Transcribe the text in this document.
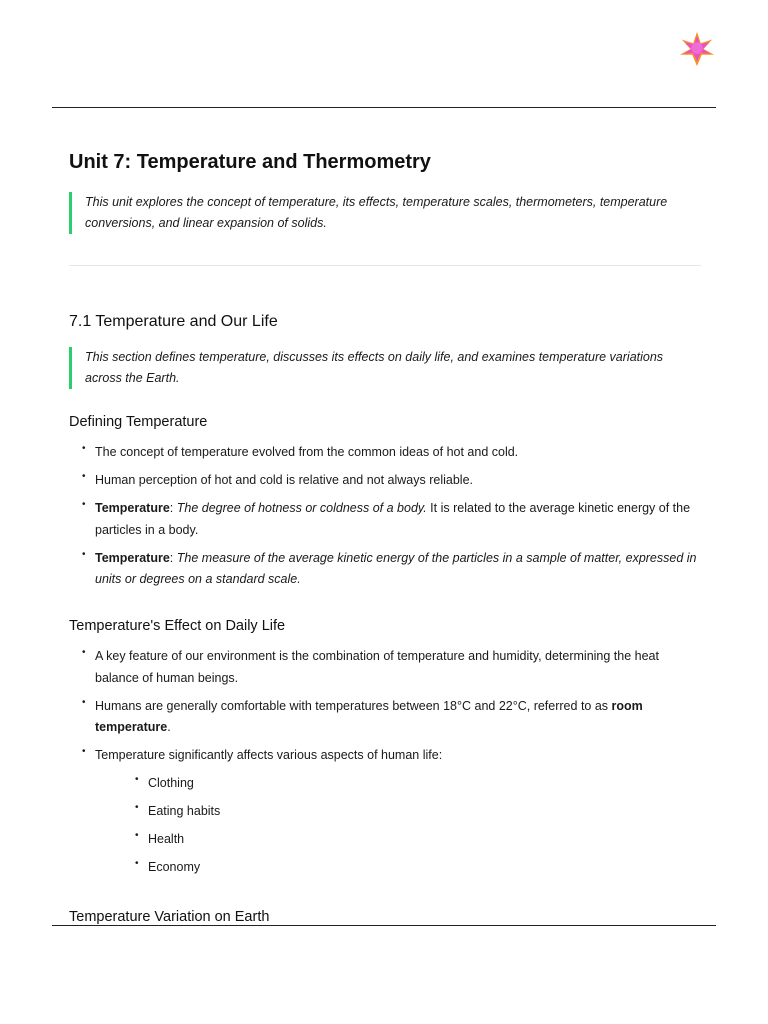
Unit 7: Temperature and Thermometry
This unit explores the concept of temperature, its effects, temperature scales, thermometers, temperature conversions, and linear expansion of solids.
7.1 Temperature and Our Life
This section defines temperature, discusses its effects on daily life, and examines temperature variations across the Earth.
Defining Temperature
• The concept of temperature evolved from the common ideas of hot and cold.
• Human perception of hot and cold is relative and not always reliable.
• Temperature: The degree of hotness or coldness of a body. It is related to the average kinetic energy of the particles in a body.
• Temperature: The measure of the average kinetic energy of the particles in a sample of matter, expressed in units or degrees on a standard scale.
Temperature's Effect on Daily Life
• A key feature of our environment is the combination of temperature and humidity, determining the heat balance of human beings.
• Humans are generally comfortable with temperatures between 18°C and 22°C, referred to as room temperature.
• Temperature significantly affects various aspects of human life:
• Clothing
• Eating habits
• Health
• Economy
Temperature Variation on Earth
